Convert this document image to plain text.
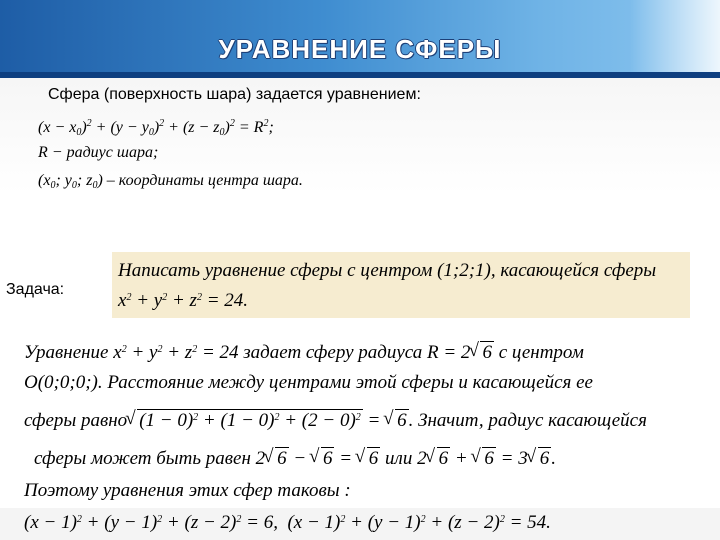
УРАВНЕНИЕ СФЕРЫ
Сфера (поверхность шара) задается уравнением:
$(x - x_0)^2 + (y - y_0)^2 + (z - z_0)^2 = R^2$;
R − радиус шара;
($x_0$; $y_0$; $z_0$) – координаты центра шара.
Задача:
Написать уравнение сферы с центром (1;2;1), касающейся сферы
$x^2 + y^2 + z^2 = 24$.
Уравнение $x^2 + y^2 + z^2 = 24$ задает сферу радиуса R = 2 √ 6 с центром
O(0;0;0;). Расстояние между центрами этой сферы и касающейся ее
сферы равно √ $(1 - 0)^2 + (1 - 0)^2 + (2 - 0)^2$ = √ 6 . Значит, радиус касающейся
сферы может быть равен 2 √ 6 − √ 6 = √ 6 или 2 √ 6 + √ 6 = 3 √ 6 .
Поэтому уравнения этих сфер таковы :
$(x - 1)^2 + (y - 1)^2 + (z - 2)^2 = 6$,  $(x - 1)^2 + (y - 1)^2 + (z - 2)^2 = 54$.
